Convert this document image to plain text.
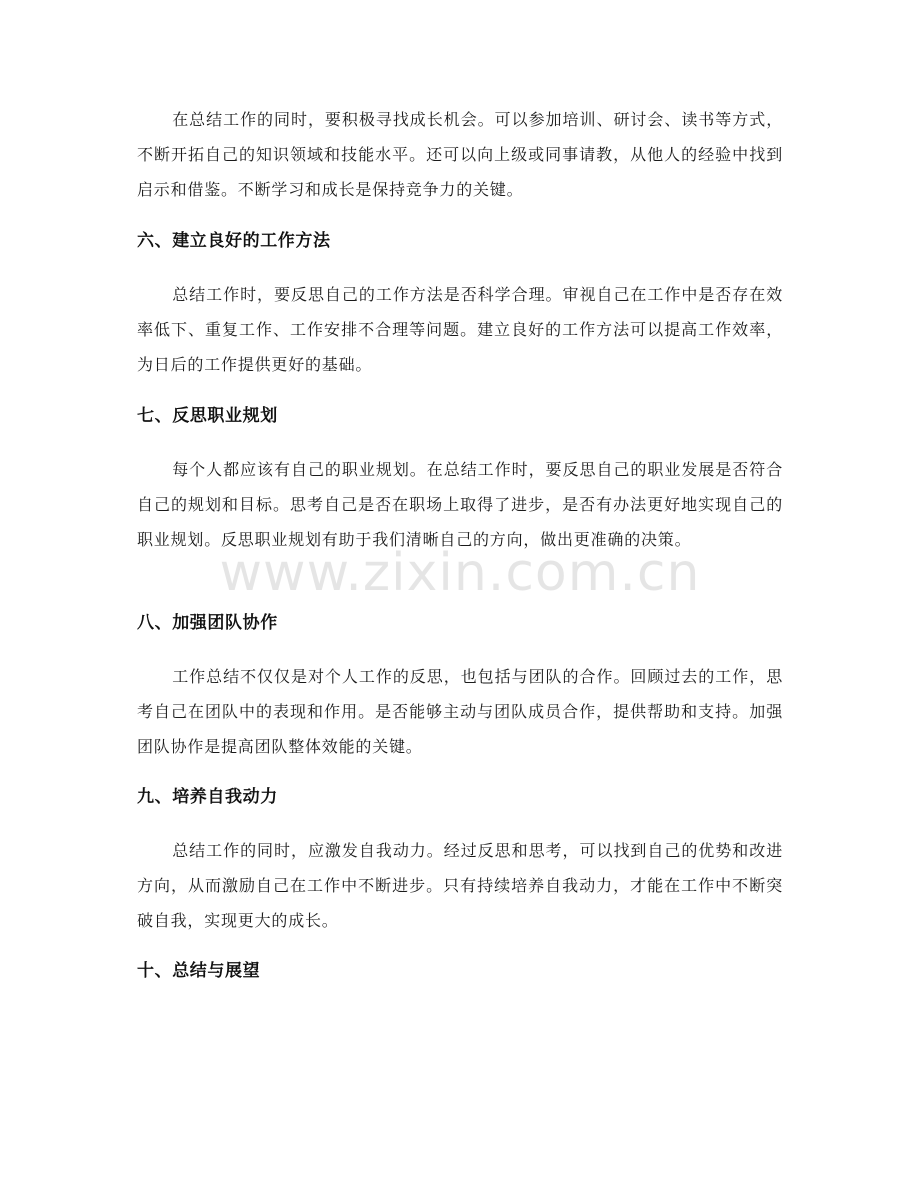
在总结工作的同时，要积极寻找成长机会。可以参加培训、研讨会、读书等方式，不断开拓自己的知识领域和技能水平。还可以向上级或同事请教，从他人的经验中找到启示和借鉴。不断学习和成长是保持竞争力的关键。

六、建立良好的工作方法

总结工作时，要反思自己的工作方法是否科学合理。审视自己在工作中是否存在效率低下、重复工作、工作安排不合理等问题。建立良好的工作方法可以提高工作效率，为日后的工作提供更好的基础。

七、反思职业规划

每个人都应该有自己的职业规划。在总结工作时，要反思自己的职业发展是否符合自己的规划和目标。思考自己是否在职场上取得了进步，是否有办法更好地实现自己的职业规划。反思职业规划有助于我们清晰自己的方向，做出更准确的决策。

八、加强团队协作

工作总结不仅仅是对个人工作的反思，也包括与团队的合作。回顾过去的工作，思考自己在团队中的表现和作用。是否能够主动与团队成员合作，提供帮助和支持。加强团队协作是提高团队整体效能的关键。

九、培养自我动力

总结工作的同时，应激发自我动力。经过反思和思考，可以找到自己的优势和改进方向，从而激励自己在工作中不断进步。只有持续培养自我动力，才能在工作中不断突破自我，实现更大的成长。

十、总结与展望
www.zixin.com.cn
